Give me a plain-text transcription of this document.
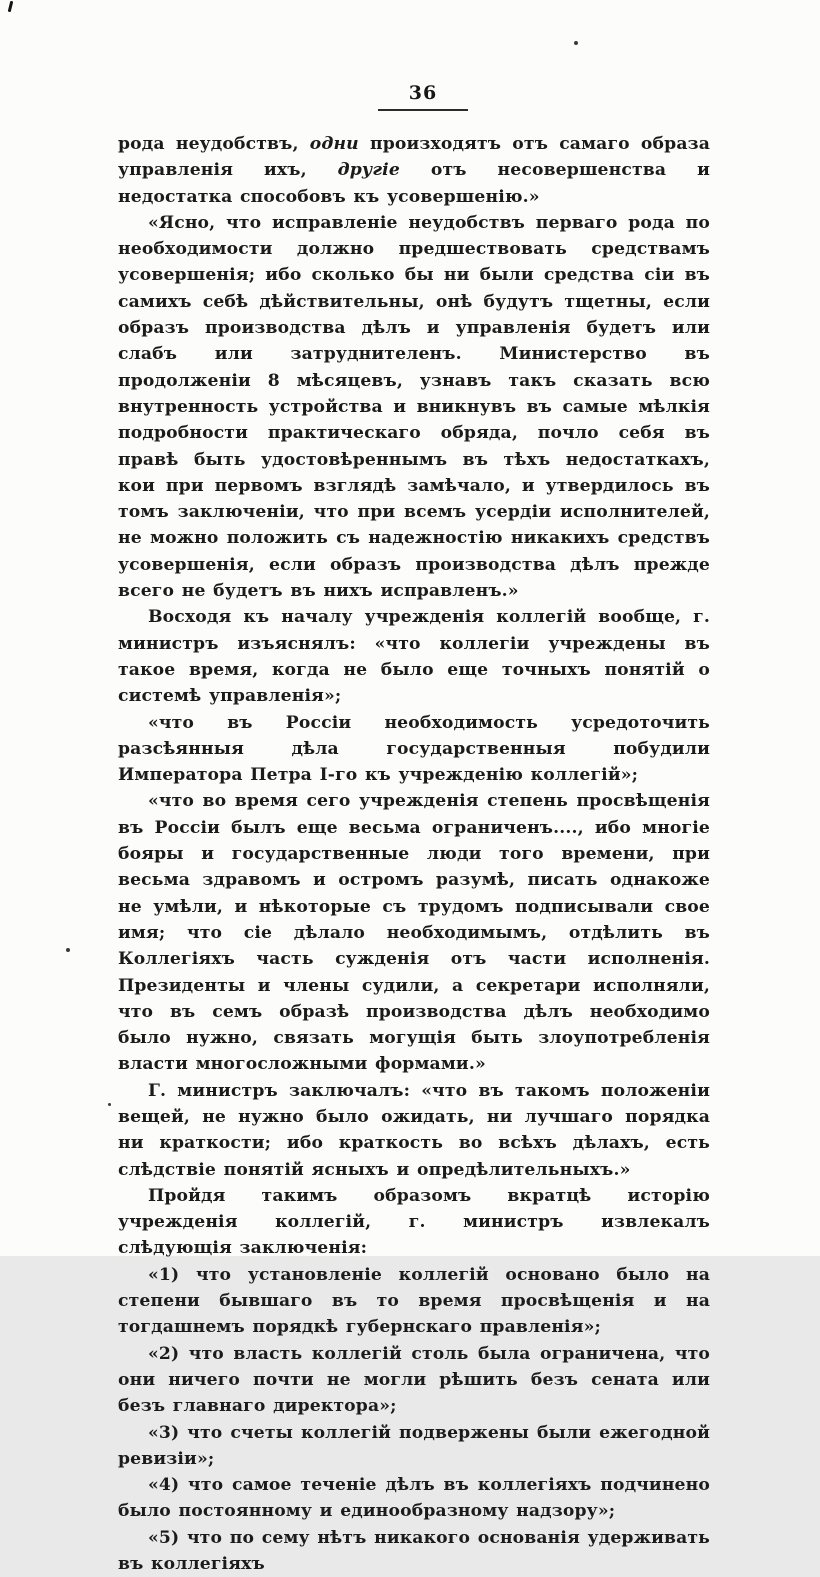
36

рода неудобствъ, одни произходятъ отъ самаго образа управленія ихъ, другіе отъ несовершенства и недостатка способовъ къ усовершенію.»

«Ясно, что исправленіе неудобствъ перваго рода по необходимости должно предшествовать средствамъ усовершенія; ибо сколько бы ни были средства сіи въ самихъ себѣ дѣйствительны, онѣ будутъ тщетны, если образъ производства дѣлъ и управленія будетъ или слабъ или затруднителенъ. Министерство въ продолженіи 8 мѣсяцевъ, узнавъ такъ сказать всю внутренность устройства и вникнувъ въ самые мѣлкія подробности практическаго обряда, почло себя въ правѣ быть удостовѣреннымъ въ тѣхъ недостаткахъ, кои при первомъ взглядѣ замѣчало, и утвердилось въ томъ заключеніи, что при всемъ усердіи исполнителей, не можно положить съ надежностію никакихъ средствъ усовершенія, если образъ производства дѣлъ прежде всего не будетъ въ нихъ исправленъ.»

Восходя къ началу учрежденія коллегій вообще, г. министръ изъяснялъ: «что коллегіи учреждены въ такое время, когда не было еще точныхъ понятій о системѣ управленія»;

«что въ Россіи необходимость усредоточить разсѣянныя дѣла государственныя побудили Императора Петра I-го къ учрежденію коллегій»;

«что во время сего учрежденія степень просвѣщенія въ Россіи былъ еще весьма ограниченъ...., ибо многіе бояры и государственные люди того времени, при весьма здравомъ и остромъ разумѣ, писать однакоже не умѣли, и нѣкоторые съ трудомъ подписывали свое имя; что сіе дѣлало необходимымъ, отдѣлить въ Коллегіяхъ часть сужденія отъ части исполненія. Президенты и члены судили, а секретари исполняли, что въ семъ образѣ производства дѣлъ необходимо было нужно, связать могущія быть злоупотребленія власти многосложными формами.»

Г. министръ заключалъ: «что въ такомъ положеніи вещей, не нужно было ожидать, ни лучшаго порядка ни краткости; ибо краткость во всѣхъ дѣлахъ, есть слѣдствіе понятій ясныхъ и опредѣлительныхъ.»

Пройдя такимъ образомъ вкратцѣ исторію учрежденія коллегій, г. министръ извлекалъ слѣдующія заключенія:

«1) что установленіе коллегій основано было на степени бывшаго въ то время просвѣщенія и на тогдашнемъ порядкѣ губернскаго правленія»;

«2) что власть коллегій столь была ограничена, что они ничего почти не могли рѣшить безъ сената или безъ главнаго директора»;

«3) что счеты коллегій подвержены были ежегодной ревизіи»;

«4) что самое теченіе дѣлъ въ коллегіяхъ подчинено было постоянному и единообразному надзору»;

«5) что по сему нѣтъ никакого основанія удерживать въ коллегіяхъ
